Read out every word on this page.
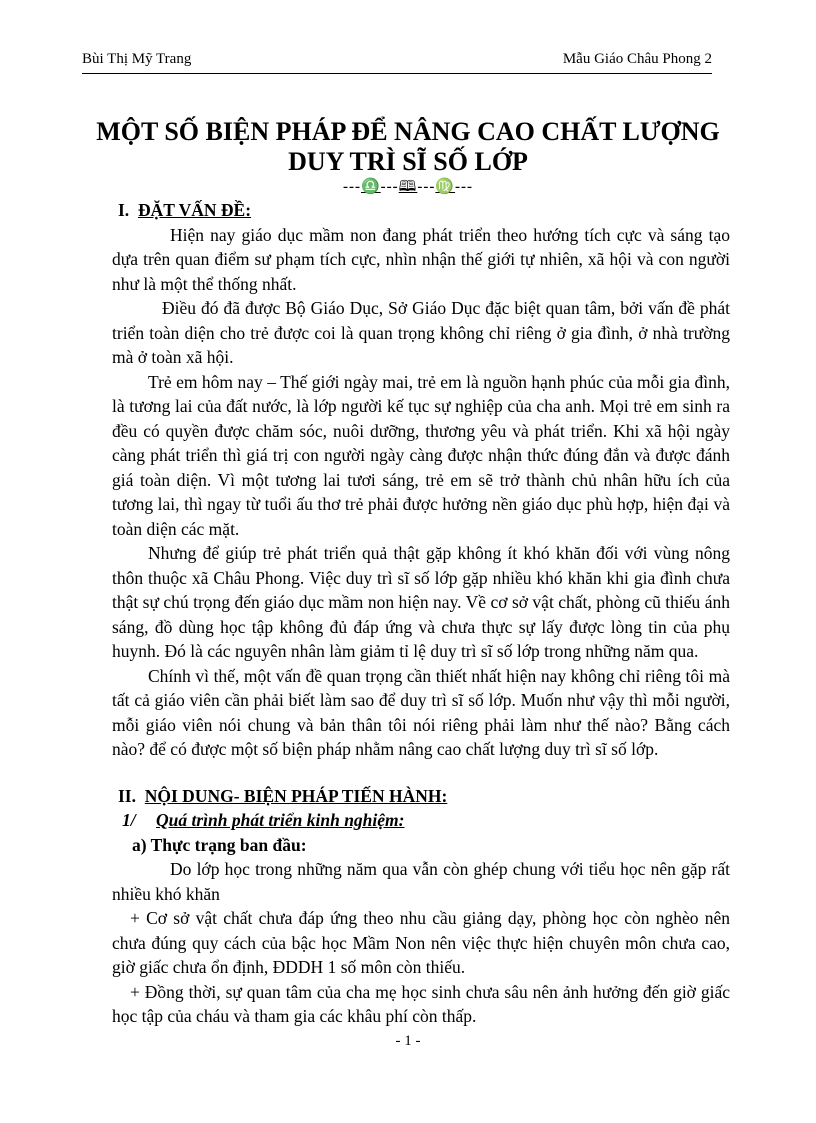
Bùi Thị Mỹ Trang	Mẫu Giáo Châu Phong 2
MỘT SỐ BIỆN PHÁP ĐỂ NÂNG CAO CHẤT LƯỢNG
DUY TRÌ SĨ SỐ LỚP
---♎---🕮---♍---

I. ĐẶT VẤN ĐỀ:

Hiện nay giáo dục mầm non đang phát triển theo hướng tích cực và sáng tạo dựa trên quan điểm sư phạm tích cực, nhìn nhận thế giới tự nhiên, xã hội và con người như là một thể thống nhất.

Điều đó đã được Bộ Giáo Dục, Sở Giáo Dục đặc biệt quan tâm, bởi vấn đề phát triển toàn diện cho trẻ được coi là quan trọng không chỉ riêng ở gia đình, ở nhà trường mà ở toàn xã hội.

Trẻ em hôm nay – Thế giới ngày mai, trẻ em là nguồn hạnh phúc của mỗi gia đình, là tương lai của đất nước, là lớp người kế tục sự nghiệp của cha anh. Mọi trẻ em sinh ra đều có quyền được chăm sóc, nuôi dưỡng, thương yêu và phát triển. Khi xã hội ngày càng phát triển thì giá trị con người ngày càng được nhận thức đúng đắn và được đánh giá toàn diện. Vì một tương lai tươi sáng, trẻ em sẽ trở thành chủ nhân hữu ích của tương lai, thì ngay từ tuổi ấu thơ trẻ phải được hưởng nền giáo dục phù hợp, hiện đại và toàn diện các mặt.

Nhưng để giúp trẻ phát triển quả thật gặp không ít khó khăn đối với vùng nông thôn thuộc xã Châu Phong. Việc duy trì sĩ số lớp gặp nhiều khó khăn khi gia đình chưa thật sự chú trọng đến giáo dục mầm non hiện nay. Về cơ sở vật chất, phòng cũ thiếu ánh sáng, đồ dùng học tập không đủ đáp ứng và chưa thực sự lấy được lòng tin của phụ huynh. Đó là các nguyên nhân làm giảm tỉ lệ duy trì sĩ số lớp trong những năm qua.

Chính vì thế, một vấn đề quan trọng cần thiết nhất hiện nay không chỉ riêng tôi mà tất cả giáo viên cần phải biết làm sao để duy trì sĩ số lớp. Muốn như vậy thì mỗi người, mỗi giáo viên nói chung và bản thân tôi nói riêng phải làm như thế nào? Bằng cách nào? để có được một số biện pháp nhằm nâng cao chất lượng duy trì sĩ số lớp.

II. NỘI DUNG- BIỆN PHÁP TIẾN HÀNH:

1/ Quá trình phát triển kinh nghiệm:

a) Thực trạng ban đầu:

Do lớp học trong những năm qua vẫn còn ghép chung với tiểu học nên gặp rất nhiều khó khăn

+ Cơ sở vật chất chưa đáp ứng theo nhu cầu giảng dạy, phòng học còn nghèo nên chưa đúng quy cách của bậc học Mầm Non nên việc thực hiện chuyên môn chưa cao, giờ giấc chưa ổn định, ĐDDH 1 số môn còn thiếu.

+ Đồng thời, sự quan tâm của cha mẹ học sinh chưa sâu nên ảnh hưởng đến giờ giấc học tập của cháu và tham gia các khâu phí còn thấp.

- 1 -
